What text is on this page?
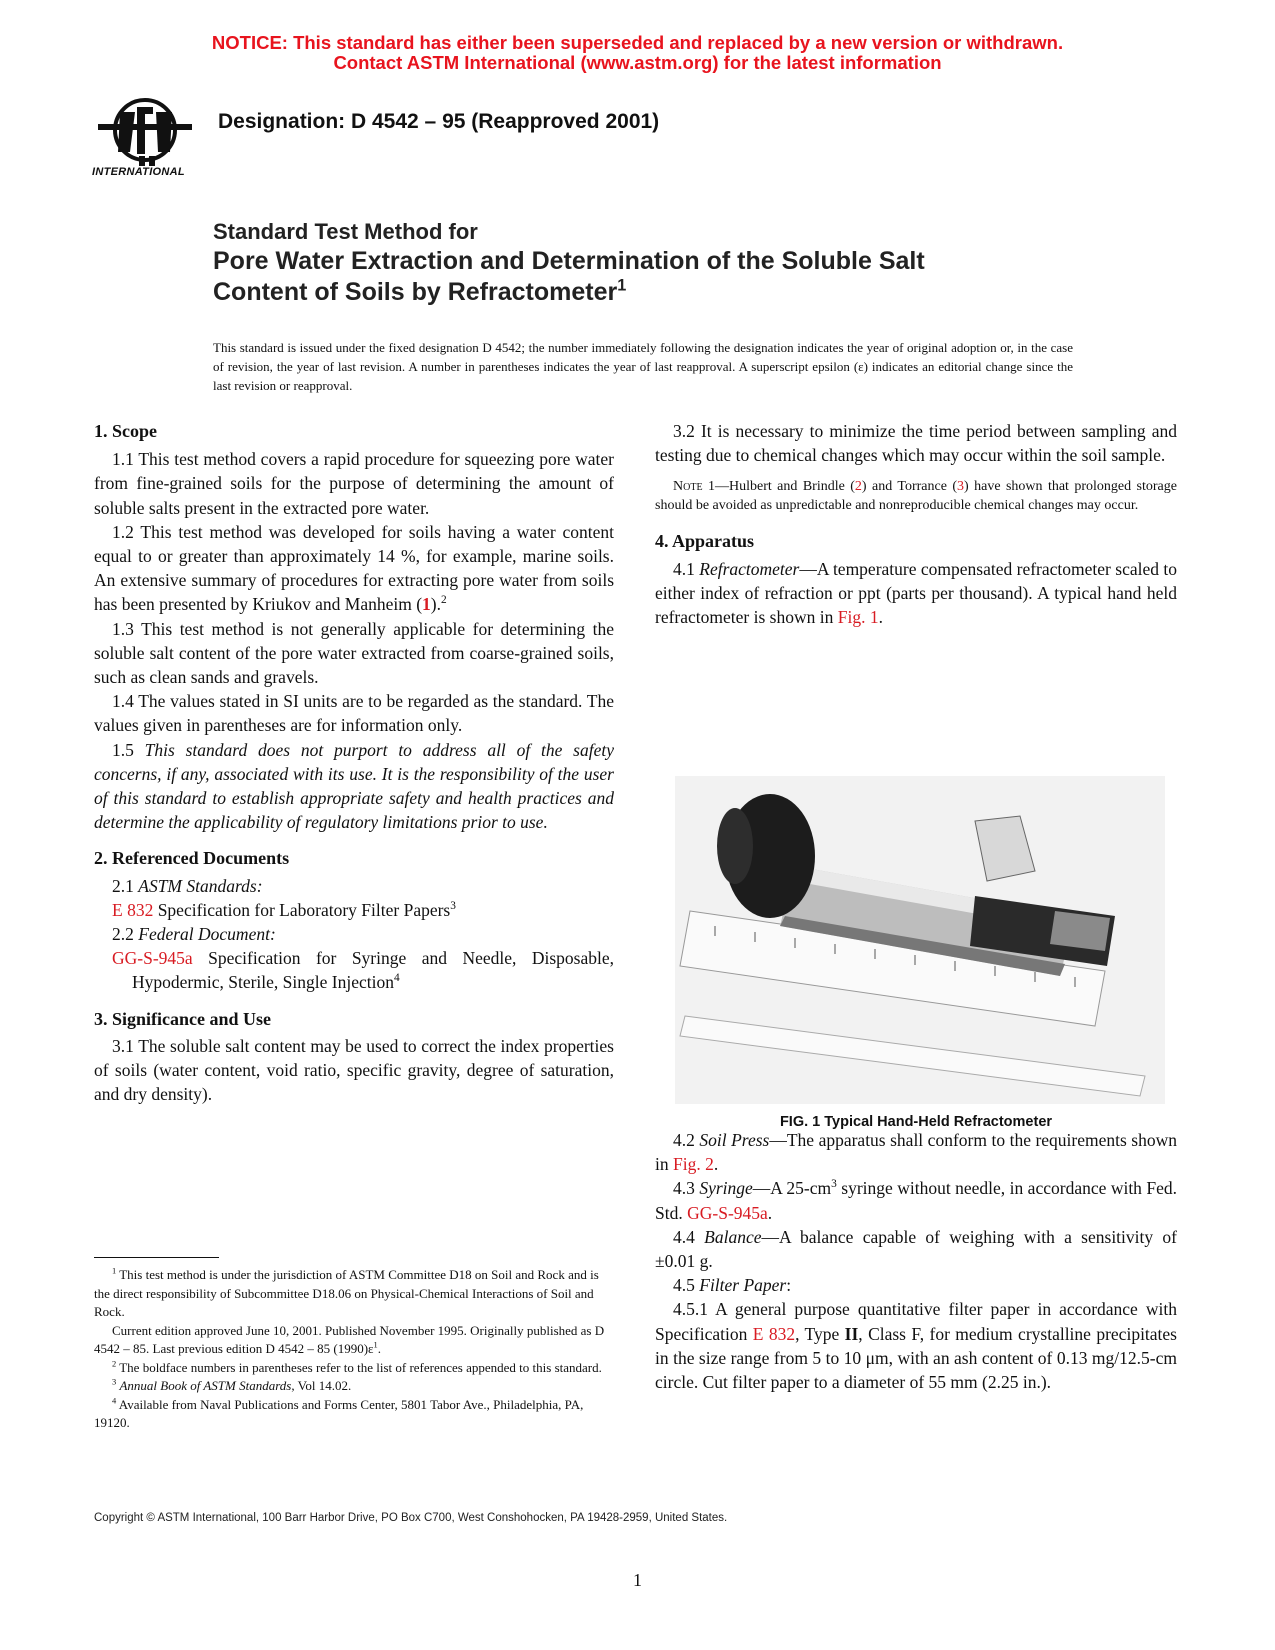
NOTICE: This standard has either been superseded and replaced by a new version or withdrawn.
Contact ASTM International (www.astm.org) for the latest information
INTERNATIONAL
Designation: D 4542 – 95 (Reapproved 2001)
Standard Test Method for
Pore Water Extraction and Determination of the Soluble Salt
Content of Soils by Refractometer$^1$
This standard is issued under the fixed designation D 4542; the number immediately following the designation indicates the year of original adoption or, in the case of revision, the year of last revision. A number in parentheses indicates the year of last reapproval. A superscript epsilon (ε) indicates an editorial change since the last revision or reapproval.
1. Scope

1.1 This test method covers a rapid procedure for squeezing pore water from fine-grained soils for the purpose of determining the amount of soluble salts present in the extracted pore water.

1.2 This test method was developed for soils having a water content equal to or greater than approximately 14 %, for example, marine soils. An extensive summary of procedures for extracting pore water from soils has been presented by Kriukov and Manheim (1).$^2$

1.3 This test method is not generally applicable for determining the soluble salt content of the pore water extracted from coarse-grained soils, such as clean sands and gravels.

1.4 The values stated in SI units are to be regarded as the standard. The values given in parentheses are for information only.

1.5 This standard does not purport to address all of the safety concerns, if any, associated with its use. It is the responsibility of the user of this standard to establish appropriate safety and health practices and determine the applicability of regulatory limitations prior to use.

2. Referenced Documents

2.1 ASTM Standards:

E 832 Specification for Laboratory Filter Papers$^3$

2.2 Federal Document:

GG-S-945a Specification for Syringe and Needle, Disposable, Hypodermic, Sterile, Single Injection$^4$

3. Significance and Use

3.1 The soluble salt content may be used to correct the index properties of soils (water content, void ratio, specific gravity, degree of saturation, and dry density).

$^1$ This test method is under the jurisdiction of ASTM Committee D18 on Soil and Rock and is the direct responsibility of Subcommittee D18.06 on Physical-Chemical Interactions of Soil and Rock.

Current edition approved June 10, 2001. Published November 1995. Originally published as D 4542 – 85. Last previous edition D 4542 – 85 $(1990)\varepsilon^1$.

$^2$ The boldface numbers in parentheses refer to the list of references appended to this standard.

$^3$ Annual Book of ASTM Standards, Vol 14.02.

$^4$ Available from Naval Publications and Forms Center, 5801 Tabor Ave., Philadelphia, PA, 19120.

3.2 It is necessary to minimize the time period between sampling and testing due to chemical changes which may occur within the soil sample.

Note 1—Hulbert and Brindle (2) and Torrance (3) have shown that prolonged storage should be avoided as unpredictable and nonreproducible chemical changes may occur.

4. Apparatus

4.1 Refractometer—A temperature compensated refractometer scaled to either index of refraction or ppt (parts per thousand). A typical hand held refractometer is shown in Fig. 1.

FIG. 1 Typical Hand-Held Refractometer

4.2 Soil Press—The apparatus shall conform to the requirements shown in Fig. 2.

4.3 Syringe—A $25-cm^3$ syringe without needle, in accordance with Fed. Std. GG-S-945a.

4.4 Balance—A balance capable of weighing with a sensitivity of ±0.01 g.

4.5 Filter Paper:

4.5.1 A general purpose quantitative filter paper in accordance with Specification E 832, Type II, Class F, for medium crystalline precipitates in the size range from 5 to 10 μm, with an ash content of 0.13 mg/12.5-cm circle. Cut filter paper to a diameter of 55 mm (2.25 in.).

Copyright © ASTM International, 100 Barr Harbor Drive, PO Box C700, West Conshohocken, PA 19428-2959, United States.
1
